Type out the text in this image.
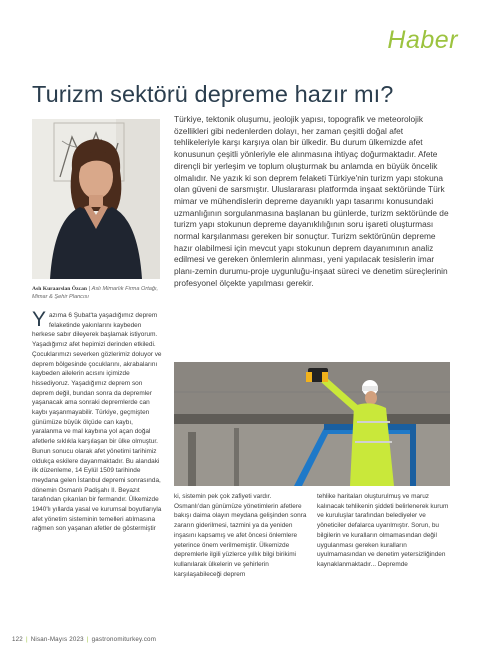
Haber
Turizm sektörü depreme hazır mı?
Aslı Kuraarslan Özcan | Aslı Mimarlık Firma Ortağı, Mimar & Şehir Plancısı

Türkiye, tektonik oluşumu, jeolojik yapısı, topografik ve meteorolojik özellikleri gibi nedenlerden dolayı, her zaman çeşitli doğal afet tehlikeleriyle karşı karşıya olan bir ülkedir. Bu durum ülkemizde afet konusunun çeşitli yönleriyle ele alınmasına ihtiyaç doğurmaktadır. Afete dirençli bir yerleşim ve toplum oluşturmak bu anlamda en büyük öncelik olmalıdır. Ne yazık ki son deprem felaketi Türkiye'nin turizm yapı stokuna olan güveni de sarsmıştır. Uluslararası platformda inşaat sektöründe Türk mimar ve mühendislerin depreme dayanıklı yapı tasarımı konusundaki uzmanlığının sorgulanmasına başlanan bu günlerde, turizm sektöründe de turizm yapı stokunun depreme dayanıklılığının soru işareti oluşturması normal karşılanması gereken bir sonuçtur. Turizm sektörünün depreme hazır olabilmesi için mevcut yapı stokunun deprem dayanımının analiz edilmesi ve gereken önlemlerin alınması, yeni yapılacak tesislerin imar planı-zemin durumu-proje uygunluğu-inşaat süreci ve denetim süreçlerinin profesyonel ölçekte yapılması gerekir.

Y azıma 6 Şubat'ta yaşadığımız deprem felaketinde yakınlarını kaybeden herkese sabır dileyerek başlamak istiyorum. Yaşadığımız afet hepimizi derinden etkiledi. Çocuklarımızı severken gözlerimiz doluyor ve deprem bölgesinde çocuklarını, akrabalarını kaybeden ailelerin acısını içimizde hissediyoruz. Yaşadığımız deprem son deprem değil, bundan sonra da depremler yaşanacak ama sonraki depremlerde can kaybı yaşanmayabilir. Türkiye, geçmişten günümüze büyük ölçüde can kaybı, yaralanma ve mal kaybına yol açan doğal afetlerle sıklıkla karşılaşan bir ülke olmuştur. Bunun sonucu olarak afet yönetimi tarihimiz oldukça eskilere dayanmaktadır. Bu alandaki ilk düzenleme, 14 Eylül 1509 tarihinde meydana gelen İstanbul depremi sonrasında, dönemin Osmanlı Padişahı II. Beyazıt tarafından çıkarılan bir fermandır. Ülkemizde 1940'lı yıllarda yasal ve kurumsal boyutlarıyla afet yönetim sisteminin temelleri atılmasına rağmen son yaşanan afetler de göstermiştir

ki, sistemin pek çok zafiyeti vardır. Osmanlı'dan günümüze yönetimlerin afetlere bakışı daima olayın meydana gelişinden sonra zararın giderilmesi, tazmini ya da yeniden inşasını kapsamış ve afet öncesi önlemlere yeterince önem verilmemiştir. Ülkemizde depremlerle ilgili yüzlerce yıllık bilgi birikimi kullanılarak ülkelerin ve şehirlerin karşılaşabileceği deprem

tehlike haritaları oluşturulmuş ve maruz kalınacak tehlikenin şiddeti belirlenerek kurum ve kuruluşlar tarafından belediyeler ve yöneticiler defalarca uyarılmıştır. Sorun, bu bilgilerin ve kuralların olmamasından değil uygulanması gereken kuralların uyulmamasından ve denetim yetersizliğinden kaynaklanmaktadır... Depremde

122 | Nisan-Mayıs 2023 | gastronomiturkey.com
